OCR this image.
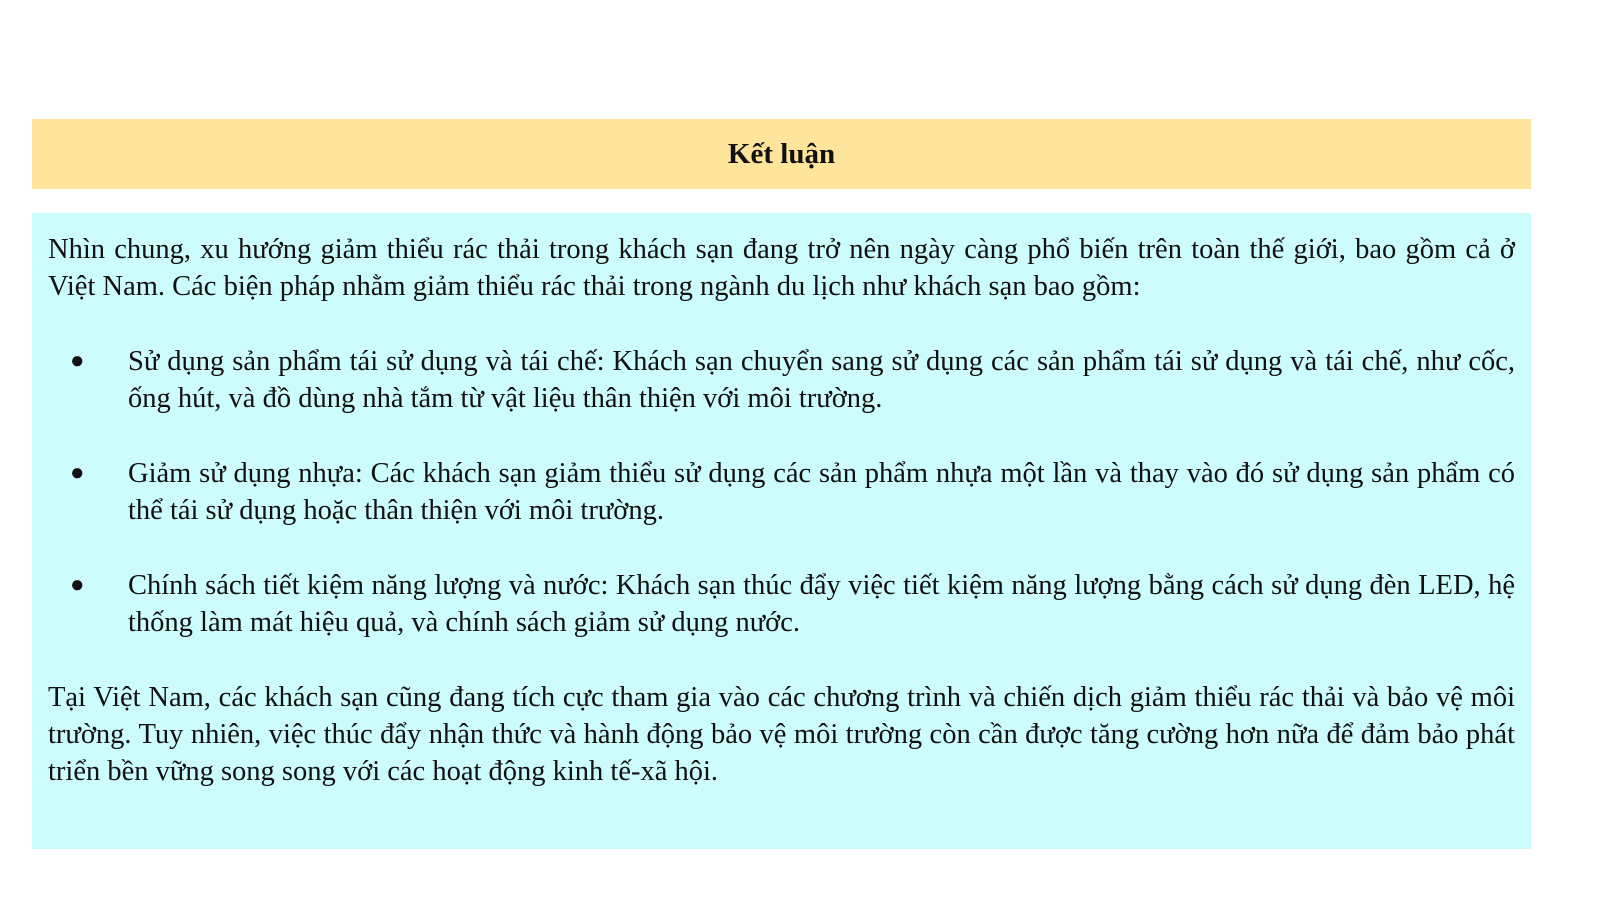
Kết luận

Nhìn chung, xu hướng giảm thiểu rác thải trong khách sạn đang trở nên ngày càng phổ biến trên toàn thế giới, bao gồm cả ở Việt Nam. Các biện pháp nhằm giảm thiểu rác thải trong ngành du lịch như khách sạn bao gồm:

●	Sử dụng sản phẩm tái sử dụng và tái chế: Khách sạn chuyển sang sử dụng các sản phẩm tái sử dụng và tái chế, như cốc, ống hút, và đồ dùng nhà tắm từ vật liệu thân thiện với môi trường.
●	Giảm sử dụng nhựa: Các khách sạn giảm thiểu sử dụng các sản phẩm nhựa một lần và thay vào đó sử dụng sản phẩm có thể tái sử dụng hoặc thân thiện với môi trường.
●	Chính sách tiết kiệm năng lượng và nước: Khách sạn thúc đẩy việc tiết kiệm năng lượng bằng cách sử dụng đèn LED, hệ thống làm mát hiệu quả, và chính sách giảm sử dụng nước.

Tại Việt Nam, các khách sạn cũng đang tích cực tham gia vào các chương trình và chiến dịch giảm thiểu rác thải và bảo vệ môi trường. Tuy nhiên, việc thúc đẩy nhận thức và hành động bảo vệ môi trường còn cần được tăng cường hơn nữa để đảm bảo phát triển bền vững song song với các hoạt động kinh tế-xã hội.
